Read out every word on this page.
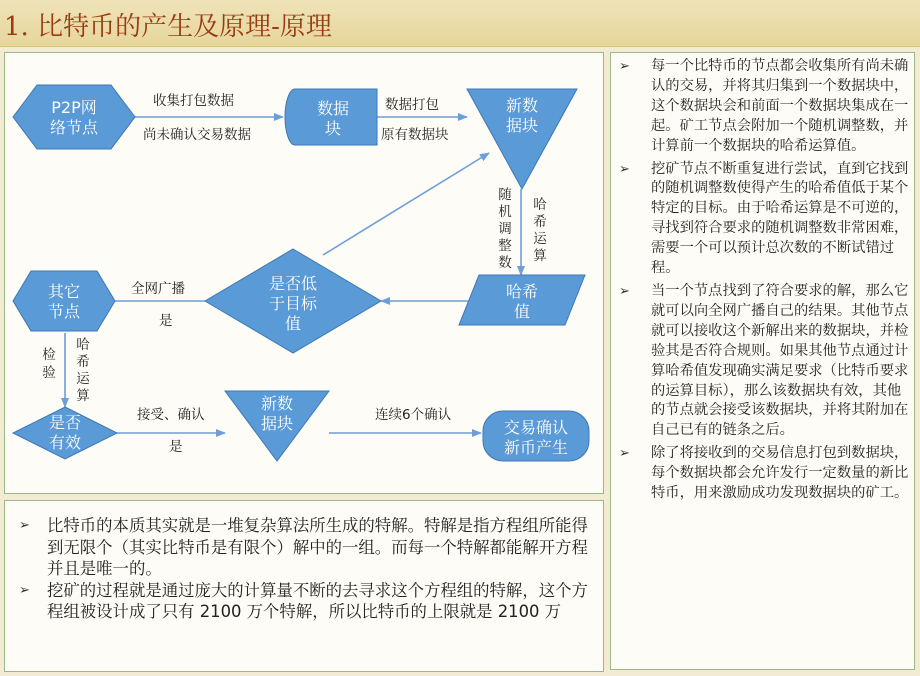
1. 比特币的产生及原理-原理
P2P网
络节点
数据
块
新数
据块
哈希
值
是否低
于目标
值
其它
节点
是否
有效
新数
据块	交易确认
新币产生
收集打包数据
尚未确认交易数据
数据打包
原有数据块
全网广播
是
接受、确认
是
连续6个确认
随
机
调
整
数
哈
希
运
算
检
验
哈
希
运
算
➢ 比特币的本质其实就是一堆复杂算法所生成的特解。特解是指方程组所能得到无限个（其实比特币是有限个）解中的一组。而每一个特解都能解开方程并且是唯一的。
➢ 挖矿的过程就是通过庞大的计算量不断的去寻求这个方程组的特解，这个方程组被设计成了只有 2100 万个特解，所以比特币的上限就是 2100 万
➢ 每一个比特币的节点都会收集所有尚未确认的交易，并将其归集到一个数据块中，这个数据块会和前面一个数据块集成在一起。矿工节点会附加一个随机调整数，并计算前一个数据块的哈希运算值。
➢ 挖矿节点不断重复进行尝试，直到它找到的随机调整数使得产生的哈希值低于某个特定的目标。由于哈希运算是不可逆的，寻找到符合要求的随机调整数非常困难，需要一个可以预计总次数的不断试错过程。
➢ 当一个节点找到了符合要求的解，那么它就可以向全网广播自己的结果。其他节点就可以接收这个新解出来的数据块，并检验其是否符合规则。如果其他节点通过计算哈希值发现确实满足要求（比特币要求的运算目标），那么该数据块有效，其他的节点就会接受该数据块，并将其附加在自己已有的链条之后。
➢ 除了将接收到的交易信息打包到数据块，每个数据块都会允许发行一定数量的新比特币，用来激励成功发现数据块的矿工。
